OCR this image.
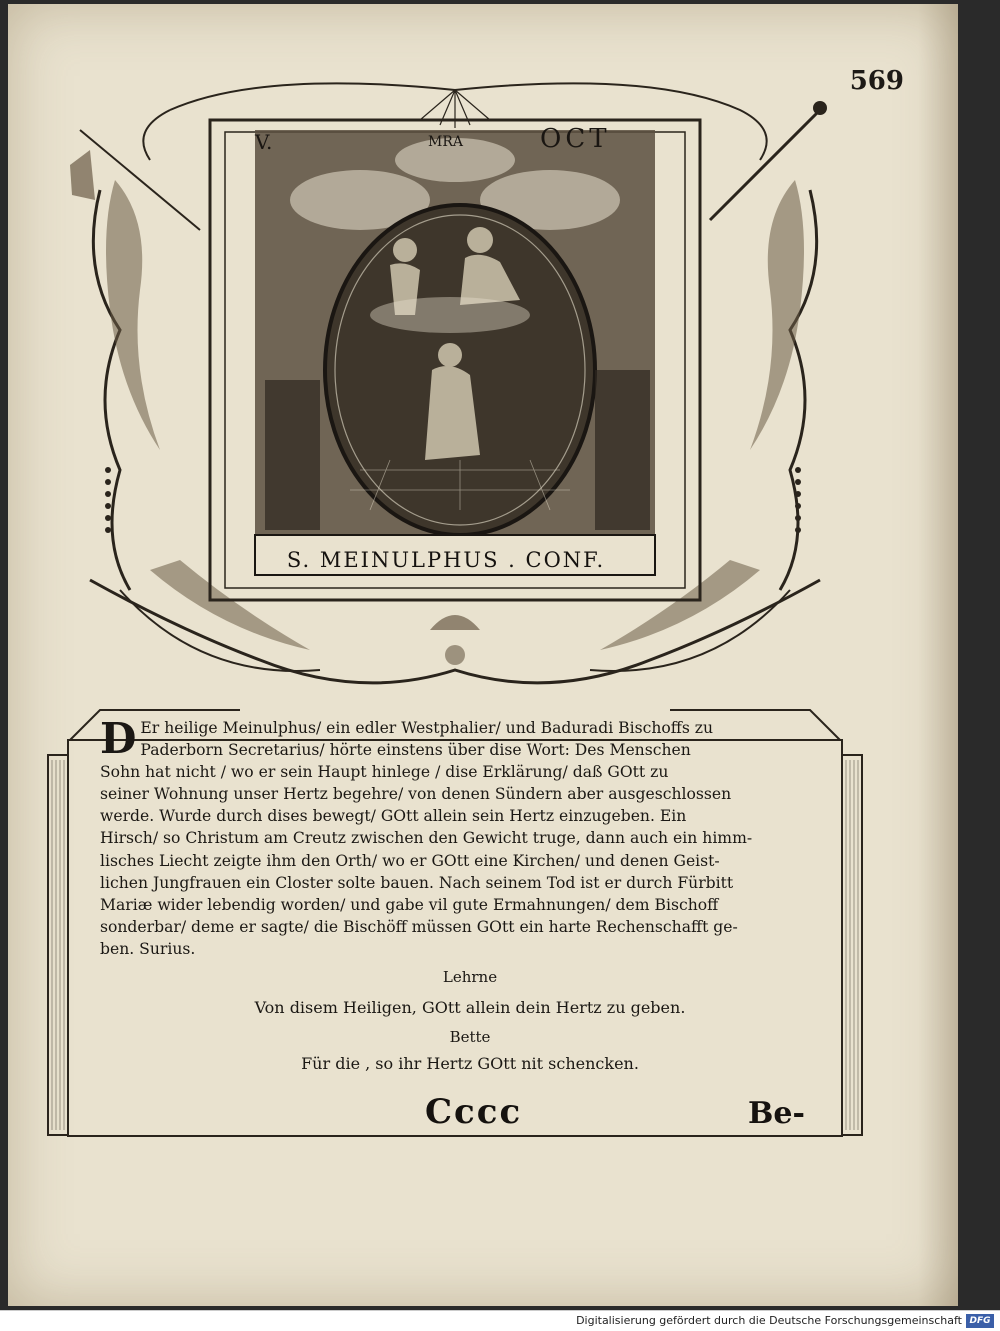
569
V.	MRA	OCT
S. MEINULPHUS . CONF.
D Er heilige Meinulphus/ ein edler Westphalier/ und Baduradi Bischoffs zu
Paderborn Secretarius/ hörte einstens über dise Wort: Des Menschen
Sohn hat nicht / wo er sein Haupt hinlege / dise Erklärung/ daß GOtt zu
seiner Wohnung unser Hertz begehre/ von denen Sündern aber ausgeschlossen
werde. Wurde durch dises bewegt/ GOtt allein sein Hertz einzugeben. Ein
Hirsch/ so Christum am Creutz zwischen den Gewicht truge, dann auch ein himm-
lisches Liecht zeigte ihm den Orth/ wo er GOtt eine Kirchen/ und denen Geist-
lichen Jungfrauen ein Closter solte bauen. Nach seinem Tod ist er durch Fürbitt
Mariæ wider lebendig worden/ und gabe vil gute Ermahnungen/ dem Bischoff
sonderbar/ deme er sagte/ die Bischöff müssen GOtt ein harte Rechenschafft ge-
ben. Surius.
Lehrne
Von disem Heiligen, GOtt allein dein Hertz zu geben.
Bette
Für die , so ihr Hertz GOtt nit schencken.
Cccc	Be-
Digitalisierung gefördert durch die Deutsche Forschungsgemeinschaft DFG
